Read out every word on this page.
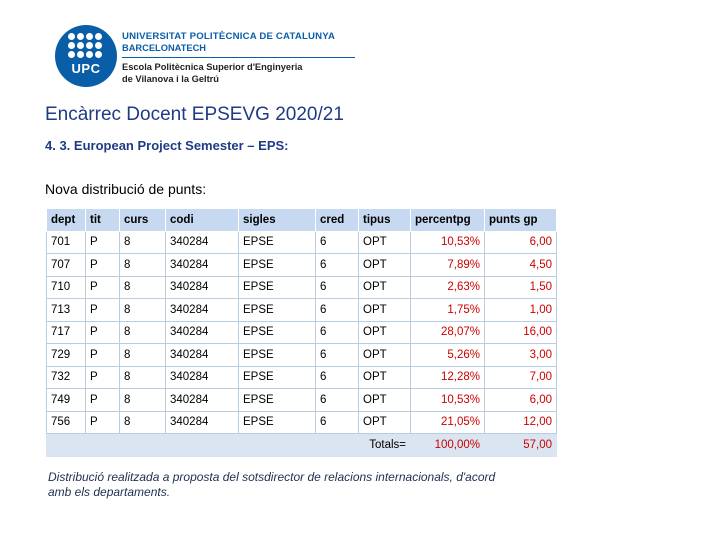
UPC
UNIVERSITAT POLITÈCNICA DE CATALUNYA
BARCELONATECH
Escola Politècnica Superior d'Enginyeria
de Vilanova i la Geltrú
Encàrrec Docent EPSEVG 2020/21
4. 3. European Project Semester – EPS:
Nova distribució de punts:
dept	tit	curs	codi	sigles	cred	tipus	percentpg	punts gp
701	P	8	340284	EPSE	6	OPT	10,53%	6,00
707	P	8	340284	EPSE	6	OPT	7,89%	4,50
710	P	8	340284	EPSE	6	OPT	2,63%	1,50
713	P	8	340284	EPSE	6	OPT	1,75%	1,00
717	P	8	340284	EPSE	6	OPT	28,07%	16,00
729	P	8	340284	EPSE	6	OPT	5,26%	3,00
732	P	8	340284	EPSE	6	OPT	12,28%	7,00
749	P	8	340284	EPSE	6	OPT	10,53%	6,00
756	P	8	340284	EPSE	6	OPT	21,05%	12,00
Totals=							100,00%	57,00
Distribució realitzada a proposta del sotsdirector de relacions internacionals, d'acord amb els departaments.
